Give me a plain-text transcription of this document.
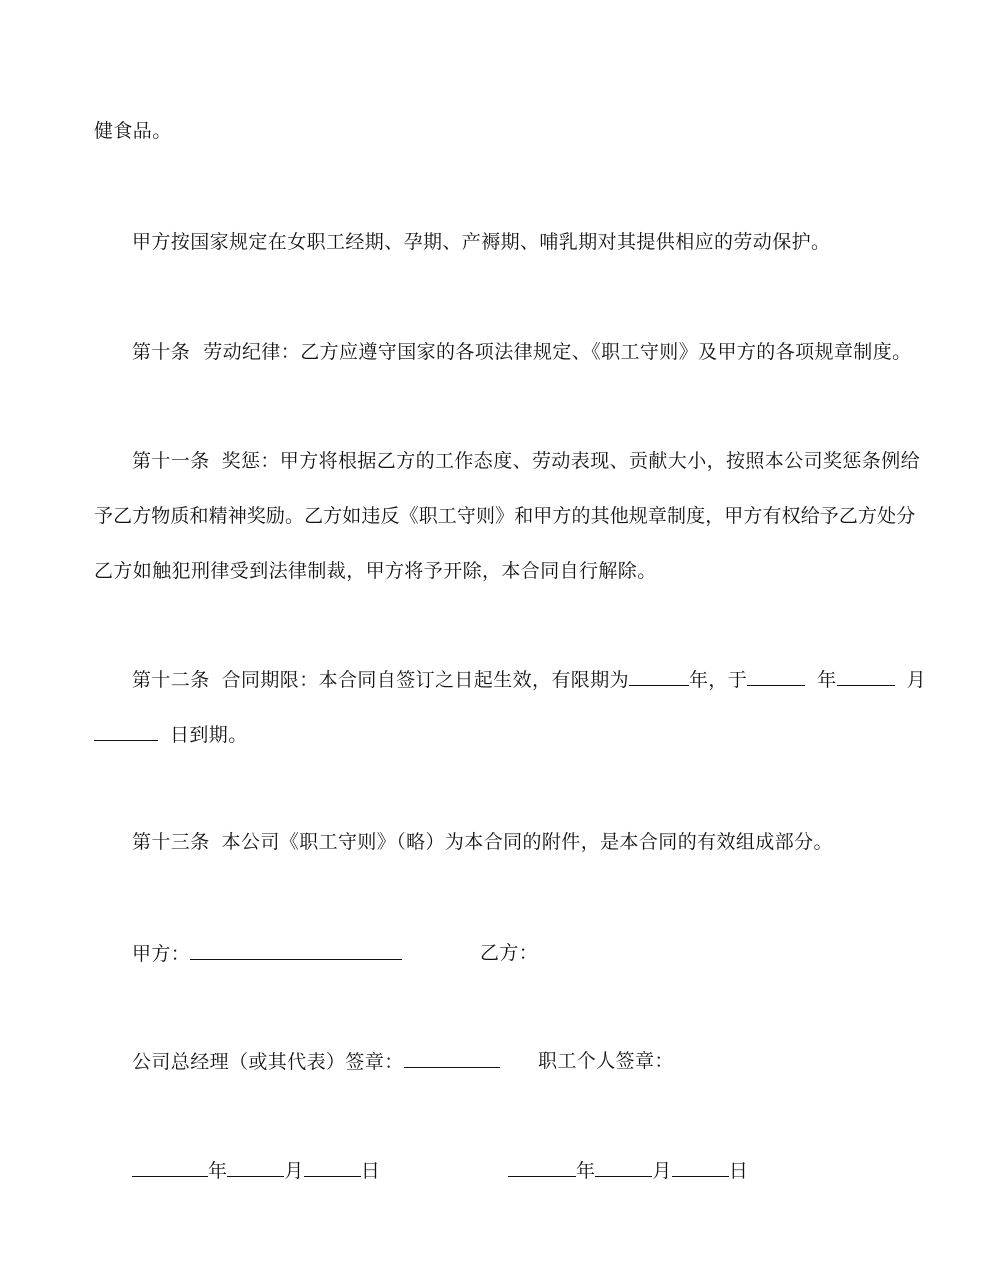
健食品。
甲方按国家规定在女职工经期、孕期、产褥期、哺乳期对其提供相应的劳动保护。
第十条 劳动纪律：乙方应遵守国家的各项法律规定、《职工守则》及甲方的各项规章制度。
第十一条 奖惩：甲方将根据乙方的工作态度、劳动表现、贡献大小，按照本公司奖惩条例给
予乙方物质和精神奖励。乙方如违反《职工守则》和甲方的其他规章制度，甲方有权给予乙方处分
乙方如触犯刑律受到法律制裁，甲方将予开除，本合同自行解除。
第十二条 合同期限：本合同自签订之日起生效，有限期为	年，于	年	月
日到期。
第十三条 本公司《职工守则》（略）为本合同的附件，是本合同的有效组成部分。
甲方：	乙方：
公司总经理（或其代表）签章：	职工个人签章：
年	月	日	年	月	日
